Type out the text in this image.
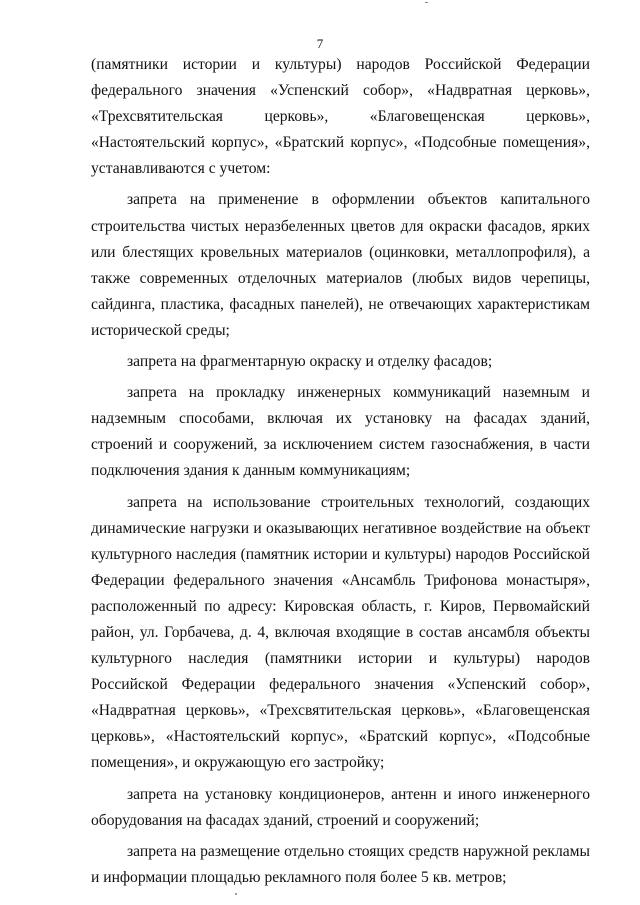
7

(памятники истории и культуры) народов Российской Федерации федерального значения «Успенский собор», «Надвратная церковь», «Трехсвятительская церковь», «Благовещенская церковь», «Настоятельский корпус», «Братский корпус», «Подсобные помещения», устанавливаются с учетом:

запрета на применение в оформлении объектов капитального строительства чистых неразбеленных цветов для окраски фасадов, ярких или блестящих кровельных материалов (оцинковки, металлопрофиля), а также современных отделочных материалов (любых видов черепицы, сайдинга, пластика, фасадных панелей), не отвечающих характеристикам исторической среды;

запрета на фрагментарную окраску и отделку фасадов;

запрета на прокладку инженерных коммуникаций наземным и надземным способами, включая их установку на фасадах зданий, строений и сооружений, за исключением систем газоснабжения, в части подключения здания к данным коммуникациям;

запрета на использование строительных технологий, создающих динамические нагрузки и оказывающих негативное воздействие на объект культурного наследия (памятник истории и культуры) народов Российской Федерации федерального значения «Ансамбль Трифонова монастыря», расположенный по адресу: Кировская область, г. Киров, Первомайский район, ул. Горбачева, д. 4, включая входящие в состав ансамбля объекты культурного наследия (памятники истории и культуры) народов Российской Федерации федерального значения «Успенский собор», «Надвратная церковь», «Трехсвятительская церковь», «Благовещенская церковь», «Настоятельский корпус», «Братский корпус», «Подсобные помещения», и окружающую его застройку;

запрета на установку кондиционеров, антенн и иного инженерного оборудования на фасадах зданий, строений и сооружений;

запрета на размещение отдельно стоящих средств наружной рекламы и информации площадью рекламного поля более 5 кв. метров;
